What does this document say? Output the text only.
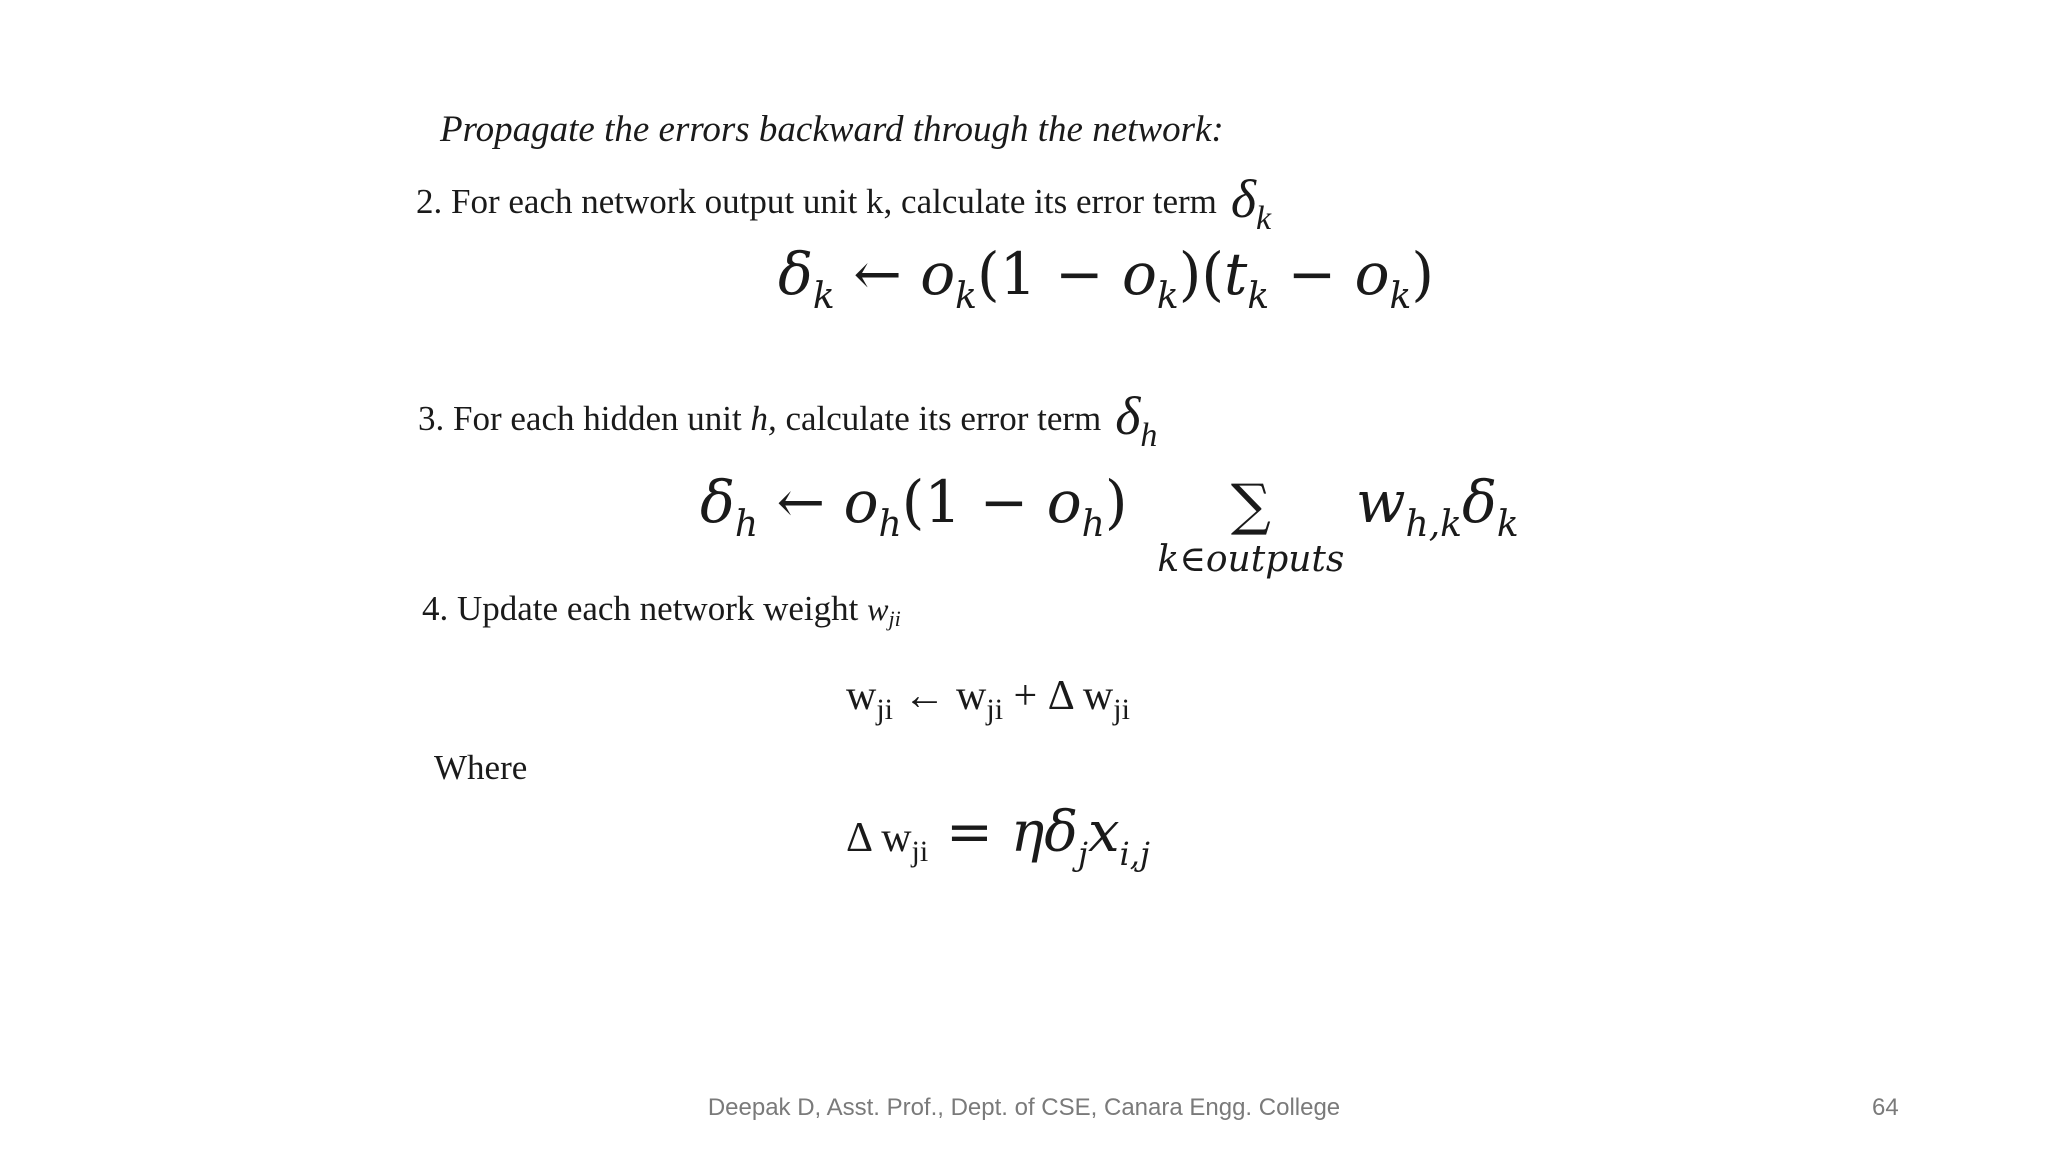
Propagate the errors backward through the network:
2. For each network output unit k, calculate its error term $\delta_k$
$\delta_k$ ← $o_k(1 - o_k)(t_k - o_k)$
3. For each hidden unit h, calculate its error term $\delta_h$
$\delta_h$ ← $o_h(1 - o_h)$	∑
k∈outputs
$w_{h,k}\delta_k$
4. Update each network weight $w_{ji}$
$w_{ji}$ ← $w_{ji} + \Delta$ $w_{ji}$
Where
Δ $w_{ji} = \eta\delta_jx_{i,j}$
Deepak D, Asst. Prof., Dept. of CSE, Canara Engg. College	64
